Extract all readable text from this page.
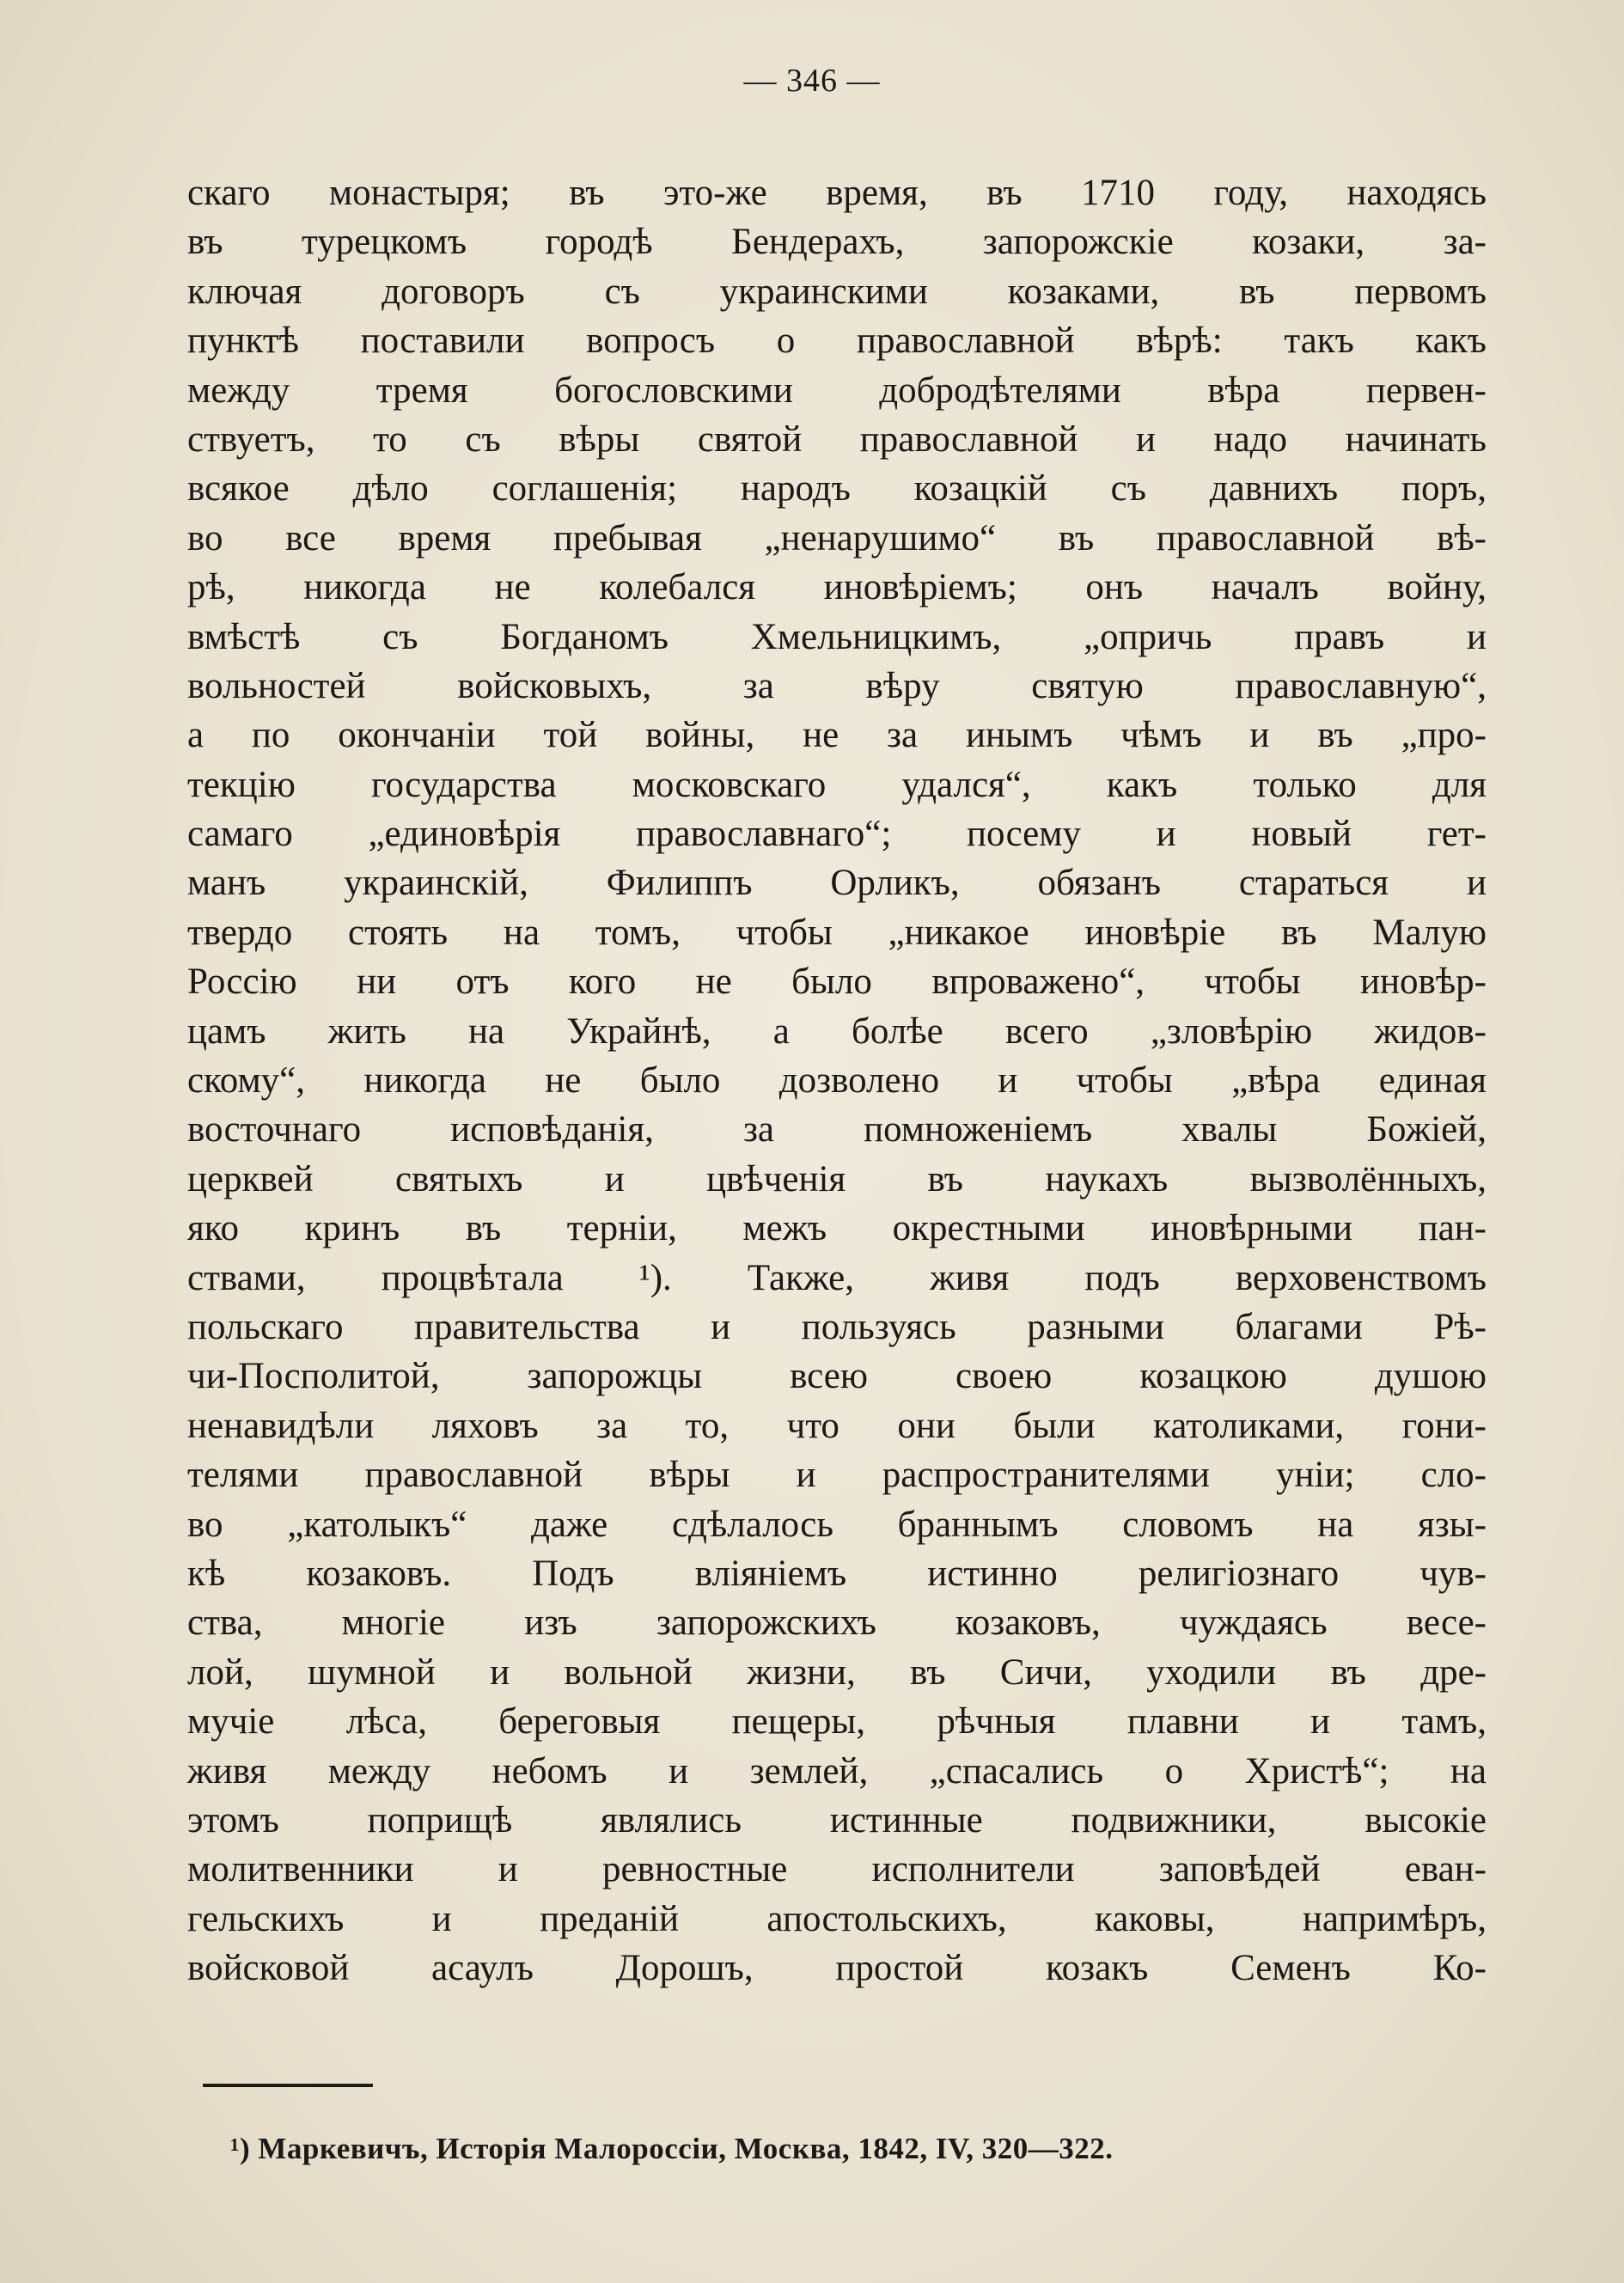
— 346 —
скаго монастыря; въ это-же время, въ 1710 году, находясь
въ турецкомъ городѣ Бендерахъ, запорожскіе козаки, за-
ключая договоръ съ украинскими козаками, въ первомъ
пунктѣ поставили вопросъ о православной вѣрѣ: такъ какъ
между тремя богословскими добродѣтелями вѣра первен-
ствуетъ, то съ вѣры святой православной и надо начинать
всякое дѣло соглашенія; народъ козацкій съ давнихъ поръ,
во все время пребывая „ненарушимо“ въ православной вѣ-
рѣ, никогда не колебался иновѣріемъ; онъ началъ войну,
вмѣстѣ съ Богданомъ Хмельницкимъ, „опричь правъ и
вольностей войсковыхъ, за вѣру святую православную“,
а по окончаніи той войны, не за инымъ чѣмъ и въ „про-
текцію государства московскаго удался“, какъ только для
самаго „единовѣрія православнаго“; посему и новый гет-
манъ украинскій, Филиппъ Орликъ, обязанъ стараться и
твердо стоять на томъ, чтобы „никакое иновѣріе въ Малую
Россію ни отъ кого не было впроважено“, чтобы иновѣр-
цамъ жить на Украйнѣ, а болѣе всего „зловѣрію жидов-
скому“, никогда не было дозволено и чтобы „вѣра единая
восточнаго исповѣданія, за помноженіемъ хвалы Божіей,
церквей святыхъ и цвѣченія въ наукахъ вызволённыхъ,
яко кринъ въ терніи, межъ окрестными иновѣрными пан-
ствами, процвѣтала ¹). Также, живя подъ верховенствомъ
польскаго правительства и пользуясь разными благами Рѣ-
чи-Посполитой, запорожцы всею своею козацкою душою
ненавидѣли ляховъ за то, что они были католиками, гони-
телями православной вѣры и распространителями уніи; сло-
во „католыкъ“ даже сдѣлалось браннымъ словомъ на язы-
кѣ козаковъ. Подъ вліяніемъ истинно религіознаго чув-
ства, многіе изъ запорожскихъ козаковъ, чуждаясь весе-
лой, шумной и вольной жизни, въ Сичи, уходили въ дре-
мучіе лѣса, береговыя пещеры, рѣчныя плавни и тамъ,
живя между небомъ и землей, „спасались о Христѣ“; на
этомъ поприщѣ являлись истинные подвижники, высокіе
молитвенники и ревностные исполнители заповѣдей еван-
гельскихъ и преданій апостольскихъ, каковы, напримѣръ,
войсковой асаулъ Дорошъ, простой козакъ Семенъ Ко-
¹) Маркевичъ, Исторія Малороссіи, Москва, 1842, IV, 320—322.
